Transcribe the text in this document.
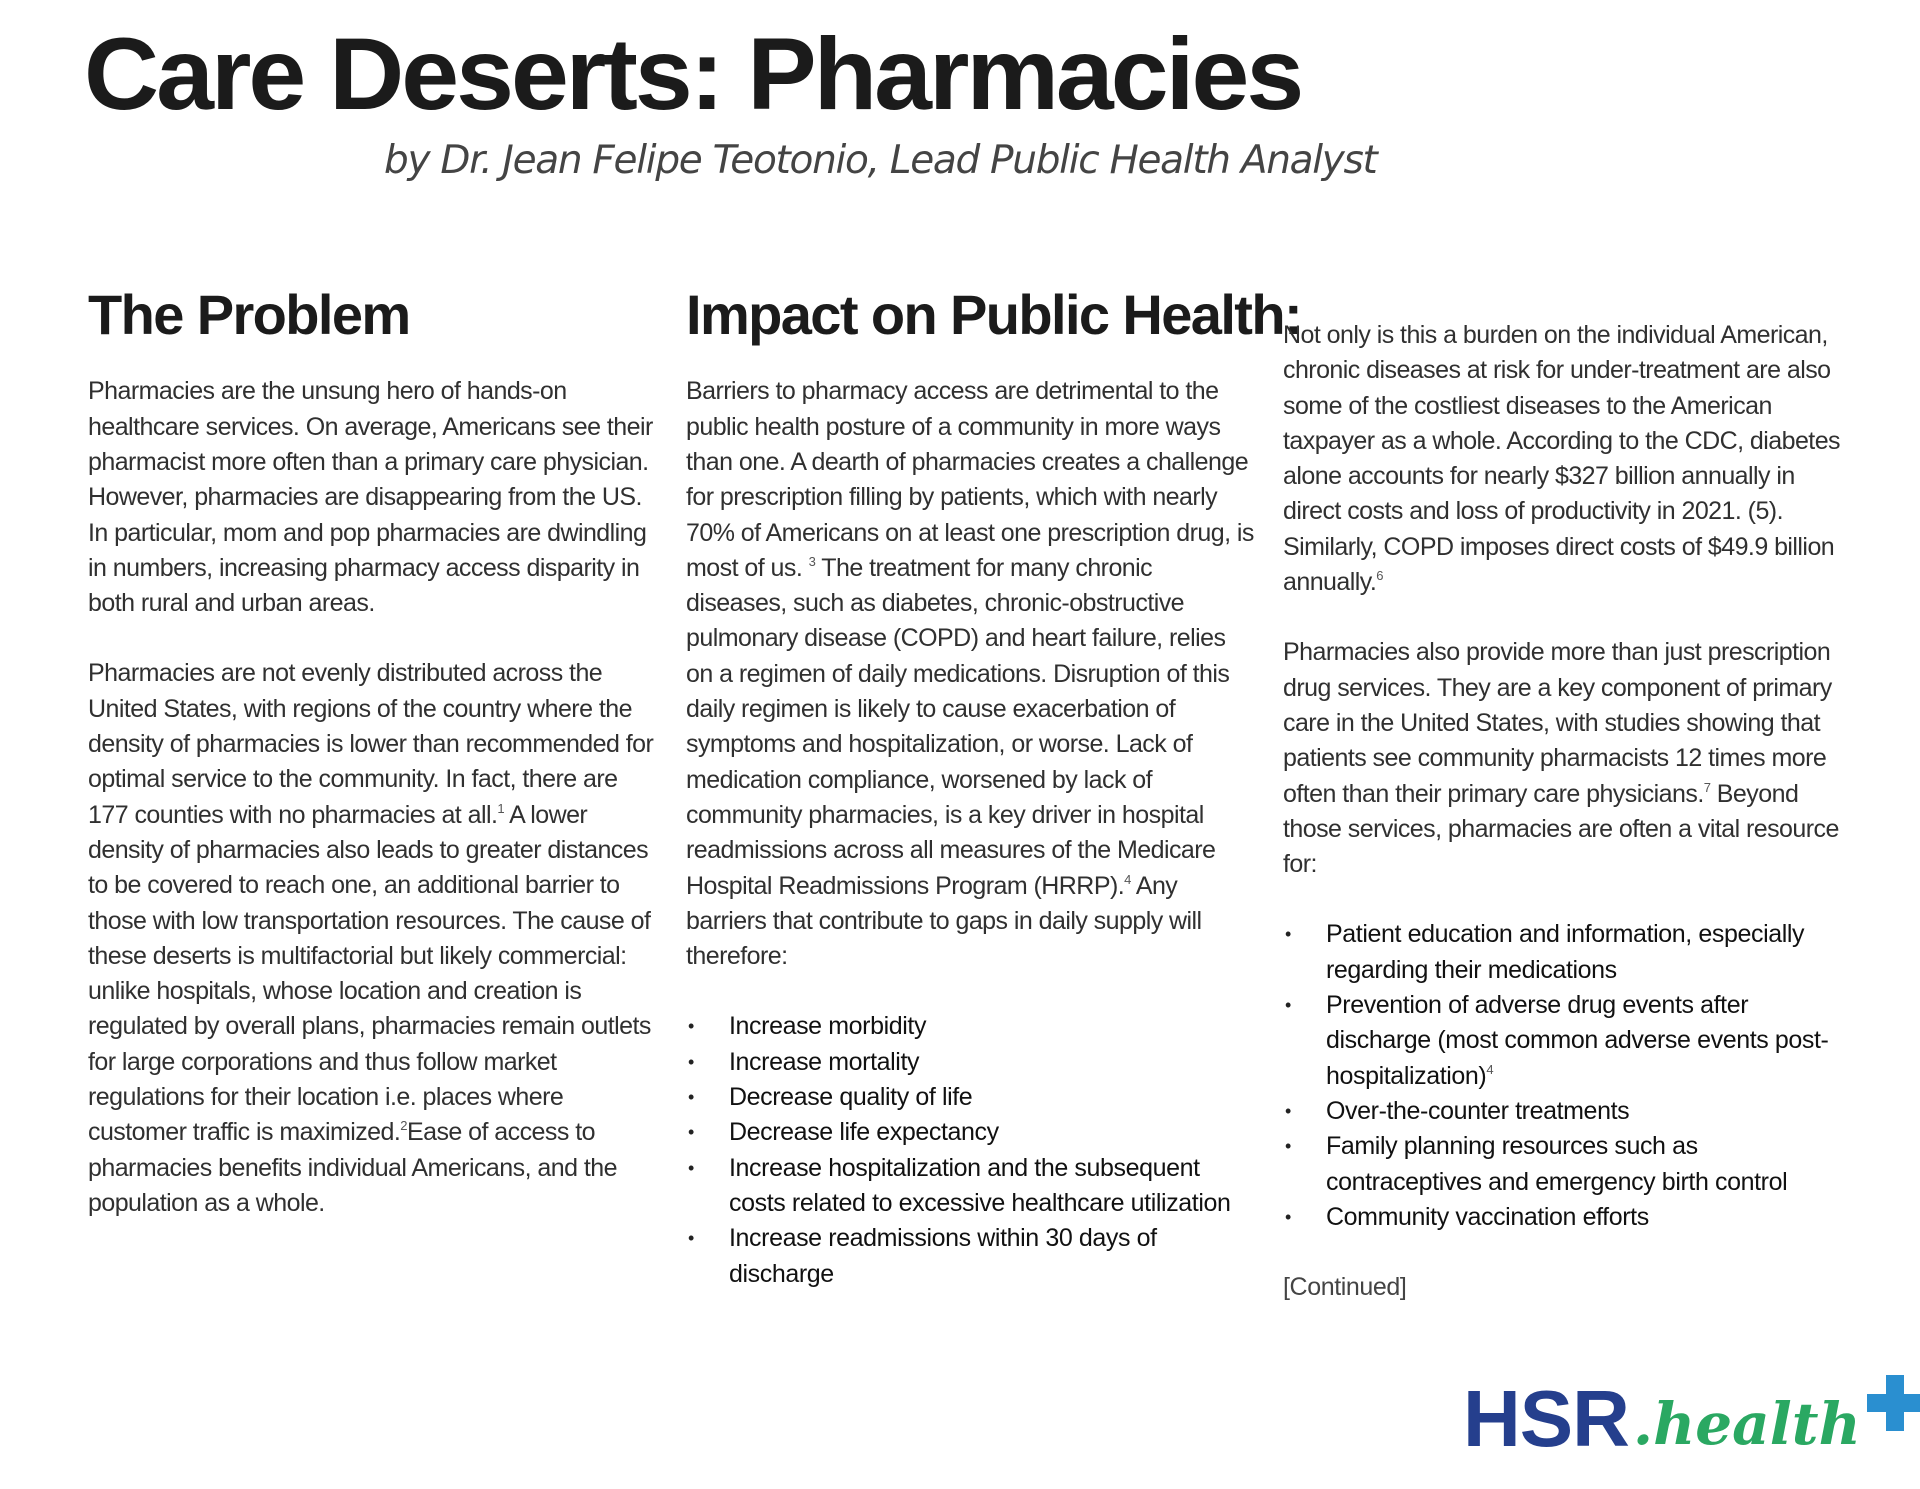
Care Deserts: Pharmacies
by Dr. Jean Felipe Teotonio, Lead Public Health Analyst
The Problem

Pharmacies are the unsung hero of hands-on healthcare services. On average, Americans see their pharmacist more often than a primary care physician. However, pharmacies are disappearing from the US. In particular, mom and pop pharmacies are dwindling in numbers, increasing pharmacy access disparity in both rural and urban areas.

Pharmacies are not evenly distributed across the United States, with regions of the country where the density of pharmacies is lower than recommended for optimal service to the community. In fact, there are 177 counties with no pharmacies at all.$^1$ A lower density of pharmacies also leads to greater distances to be covered to reach one, an additional barrier to those with low transportation resources. The cause of these deserts is multifactorial but likely commercial: unlike hospitals, whose location and creation is regulated by overall plans, pharmacies remain outlets for large corporations and thus follow market regulations for their location i.e. places where customer traffic is maximized.$^2$Ease of access to pharmacies benefits individual Americans, and the population as a whole.

Impact on Public Health:

Barriers to pharmacy access are detrimental to the public health posture of a community in more ways than one. A dearth of pharmacies creates a challenge for prescription filling by patients, which with nearly 70% of Americans on at least one prescription drug, is most of us. $^3$ The treatment for many chronic diseases, such as diabetes, chronic-obstructive pulmonary disease (COPD) and heart failure, relies on a regimen of daily medications. Disruption of this daily regimen is likely to cause exacerbation of symptoms and hospitalization, or worse. Lack of medication compliance, worsened by lack of community pharmacies, is a key driver in hospital readmissions across all measures of the Medicare Hospital Readmissions Program (HRRP).$^4$ Any barriers that contribute to gaps in daily supply will therefore:

• Increase morbidity
• Increase mortality
• Decrease quality of life
• Decrease life expectancy
• Increase hospitalization and the subsequent costs related to excessive healthcare utilization
• Increase readmissions within 30 days of discharge

Not only is this a burden on the individual American, chronic diseases at risk for under-treatment are also some of the costliest diseases to the American taxpayer as a whole. According to the CDC, diabetes alone accounts for nearly $327 billion annually in direct costs and loss of productivity in 2021. (5). Similarly, COPD imposes direct costs of $49.9 billion annually.$^6$

Pharmacies also provide more than just prescription drug services. They are a key component of primary care in the United States, with studies showing that patients see community pharmacists 12 times more often than their primary care physicians.$^7$ Beyond those services, pharmacies are often a vital resource for:

• Patient education and information, especially regarding their medications
• Prevention of adverse drug events after discharge (most common adverse events post-hospitalization)$^4$
• Over-the-counter treatments
• Family planning resources such as contraceptives and emergency birth control
• Community vaccination efforts

[Continued]

HSR .health
